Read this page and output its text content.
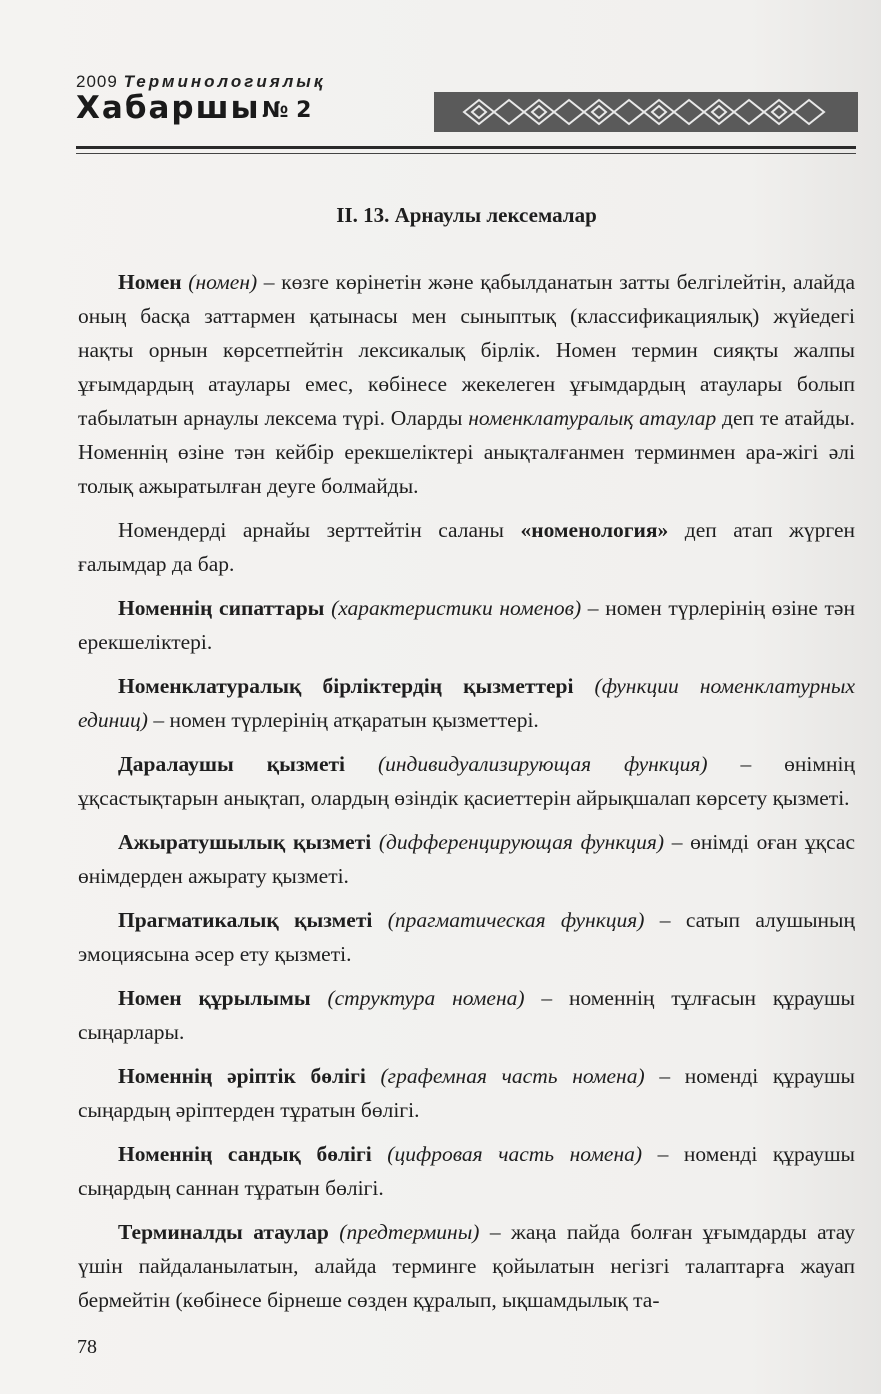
2009 Терминологиялық
Хабаршы № 2
II. 13. Арнаулы лексемалар

Номен (номен) – көзге көрінетін және қабылданатын затты белгілейтін, алайда оның басқа заттармен қатынасы мен сыныптық (классификациялық) жүйедегі нақты орнын көрсетпейтін лексикалық бірлік. Номен термин сияқты жалпы ұғымдардың атаулары емес, көбінесе жекелеген ұғымдардың атаулары болып табылатын арнаулы лексема түрі. Оларды номенклатуралық атаулар деп те атайды. Номеннің өзіне тән кейбір ерекшеліктері анықталғанмен терминмен ара-жігі әлі толық ажыратылған деуге болмайды.

Номендерді арнайы зерттейтін саланы «номенология» деп атап жүрген ғалымдар да бар.

Номеннің сипаттары (характеристики номенов) – номен түрлерінің өзіне тән ерекшеліктері.

Номенклатуралық бірліктердің қызметтері (функции номенклатурных единиц) – номен түрлерінің атқаратын қызметтері.

Даралаушы қызметі (индивидуализирующая функция) – өнімнің ұқсастықтарын анықтап, олардың өзіндік қасиеттерін айрықшалап көрсету қызметі.

Ажыратушылық қызметі (дифференцирующая функция) – өнімді оған ұқсас өнімдерден ажырату қызметі.

Прагматикалық қызметі (прагматическая функция) – сатып алушының эмоциясына әсер ету қызметі.

Номен құрылымы (структура номена) – номеннің тұлғасын құраушы сыңарлары.

Номеннің әріптік бөлігі (графемная часть номена) – номенді құраушы сыңардың әріптерден тұратын бөлігі.

Номеннің сандық бөлігі (цифровая часть номена) – номенді құраушы сыңардың саннан тұратын бөлігі.

Терминалды атаулар (предтермины) – жаңа пайда болған ұғымдарды атау үшін пайдаланылатын, алайда терминге қойылатын негізгі талаптарға жауап бермейтін (көбінесе бірнеше сөзден құралып, ықшамдылық та-

78
